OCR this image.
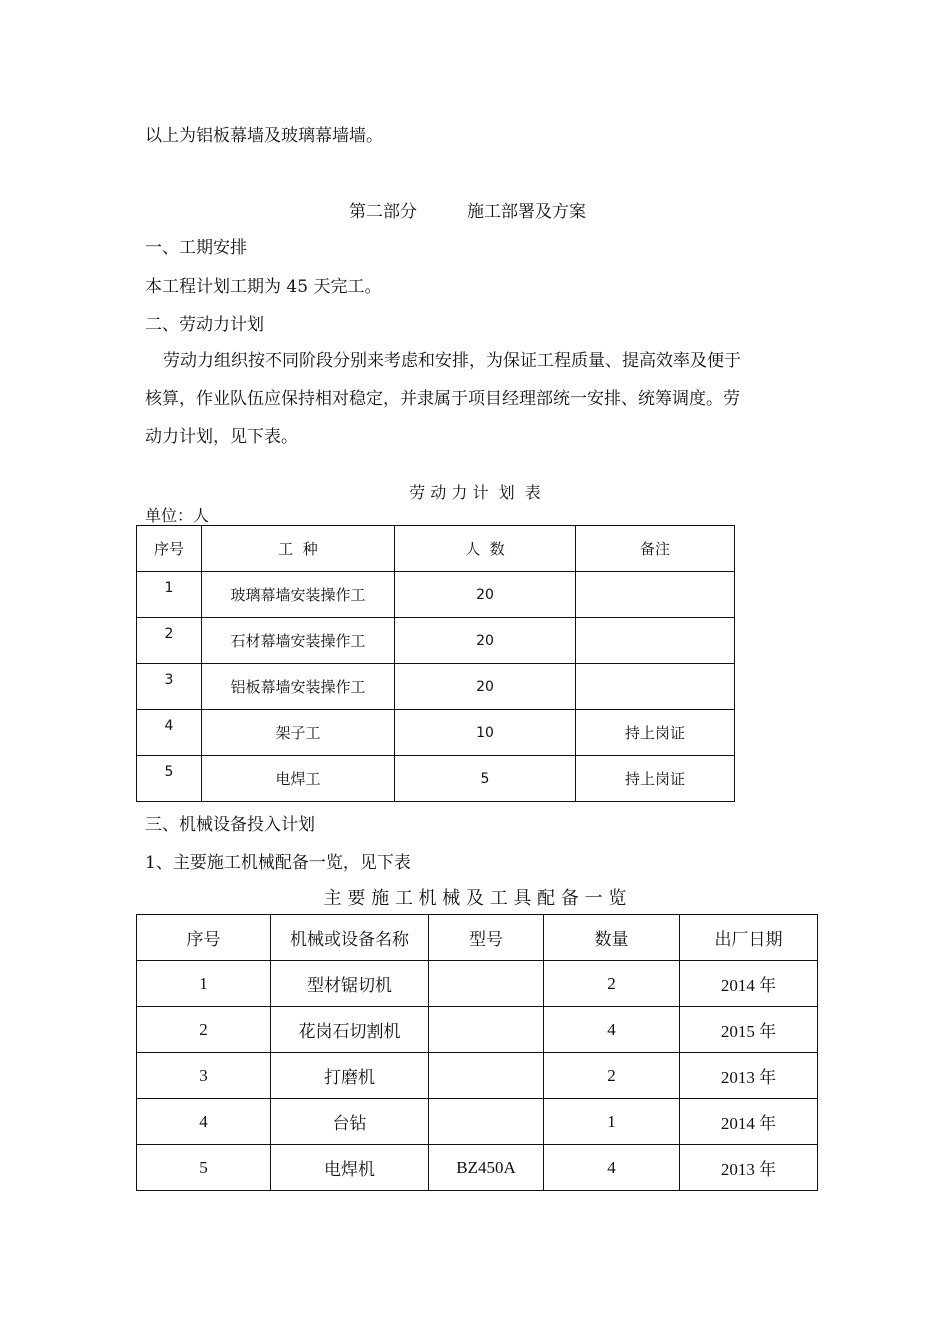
以上为铝板幕墙及玻璃幕墙墙。
第二部分	施工部署及方案
一、工期安排
本工程计划工期为 45 天完工。
二、劳动力计划
劳动力组织按不同阶段分别来考虑和安排，为保证工程质量、提高效率及便于
核算，作业队伍应保持相对稳定，并隶属于项目经理部统一安排、统筹调度。劳
动力计划，见下表。
劳 动 力 计  划  表
单位：人
序号	工  种	人  数	备注
1	玻璃幕墙安装操作工	20	
2	石材幕墙安装操作工	20	
3	铝板幕墙安装操作工	20	
4	架子工	10	持上岗证
5	电焊工	5	持上岗证
三、机械设备投入计划
1、主要施工机械配备一览，见下表
主 要 施 工 机 械 及 工 具 配 备 一 览
序号	机械或设备名称	型号	数量	出厂日期
1	型材锯切机		2	2014 年
2	花岗石切割机		4	2015 年
3	打磨机		2	2013 年
4	台钻		1	2014 年
5	电焊机	BZ450A	4	2013 年
